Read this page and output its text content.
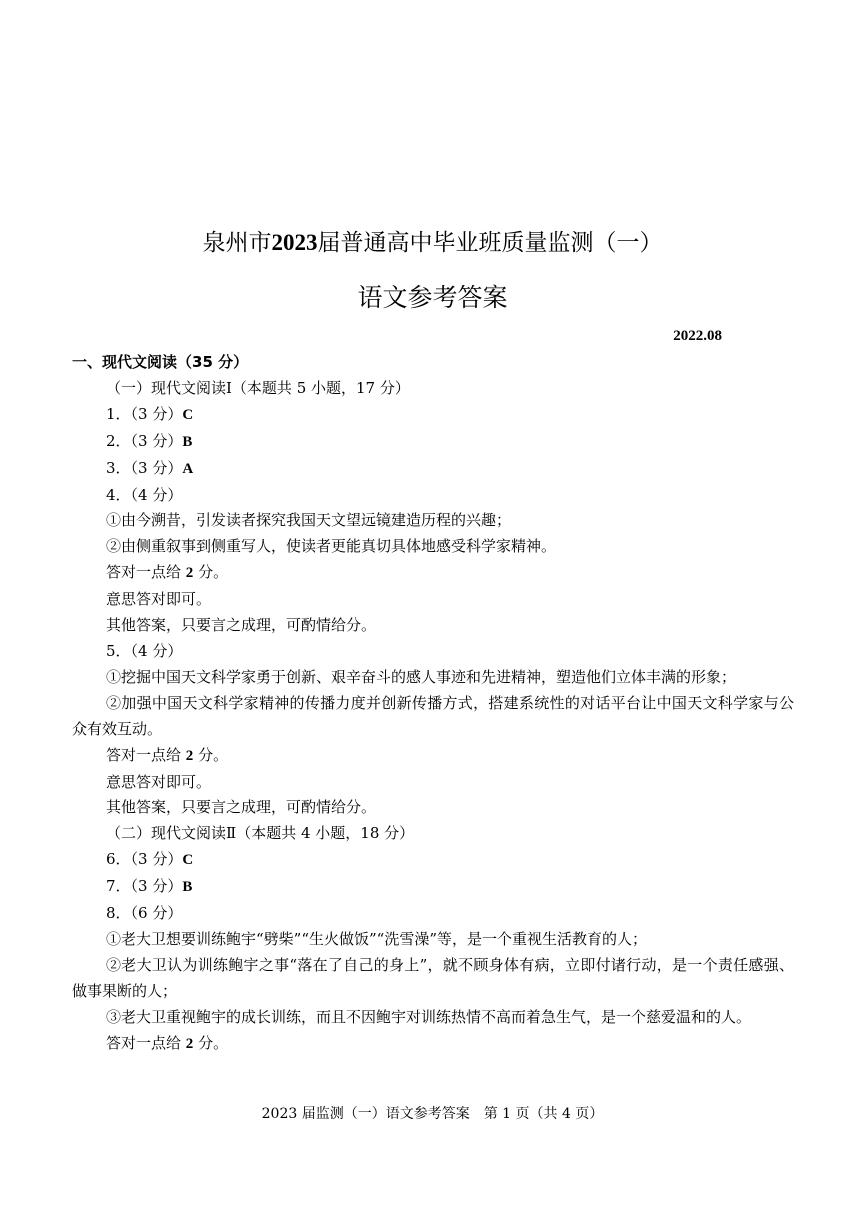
泉州市2023届普通高中毕业班质量监测（一）
语文参考答案
2022.08
一、现代文阅读（35 分）
（一）现代文阅读Ⅰ（本题共 5 小题，17 分）
1．（3 分）C
2．（3 分）B
3．（3 分）A
4．（4 分）
①由今溯昔，引发读者探究我国天文望远镜建造历程的兴趣；
②由侧重叙事到侧重写人，使读者更能真切具体地感受科学家精神。
答对一点给 2 分。
意思答对即可。
其他答案，只要言之成理，可酌情给分。
5．（4 分）
①挖掘中国天文科学家勇于创新、艰辛奋斗的感人事迹和先进精神，塑造他们立体丰满的形象；
②加强中国天文科学家精神的传播力度并创新传播方式，搭建系统性的对话平台让中国天文科学家与公众有效互动。
答对一点给 2 分。
意思答对即可。
其他答案，只要言之成理，可酌情给分。
（二）现代文阅读Ⅱ（本题共 4 小题，18 分）
6．（3 分）C
7．（3 分）B
8．（6 分）
①老大卫想要训练鲍宇“劈柴”“生火做饭”“洗雪澡”等，是一个重视生活教育的人；
②老大卫认为训练鲍宇之事“落在了自己的身上”，就不顾身体有病，立即付诸行动，是一个责任感强、做事果断的人；
③老大卫重视鲍宇的成长训练，而且不因鲍宇对训练热情不高而着急生气，是一个慈爱温和的人。
答对一点给 2 分。
2023 届监测（一）语文参考答案　第 1 页（共 4 页）
